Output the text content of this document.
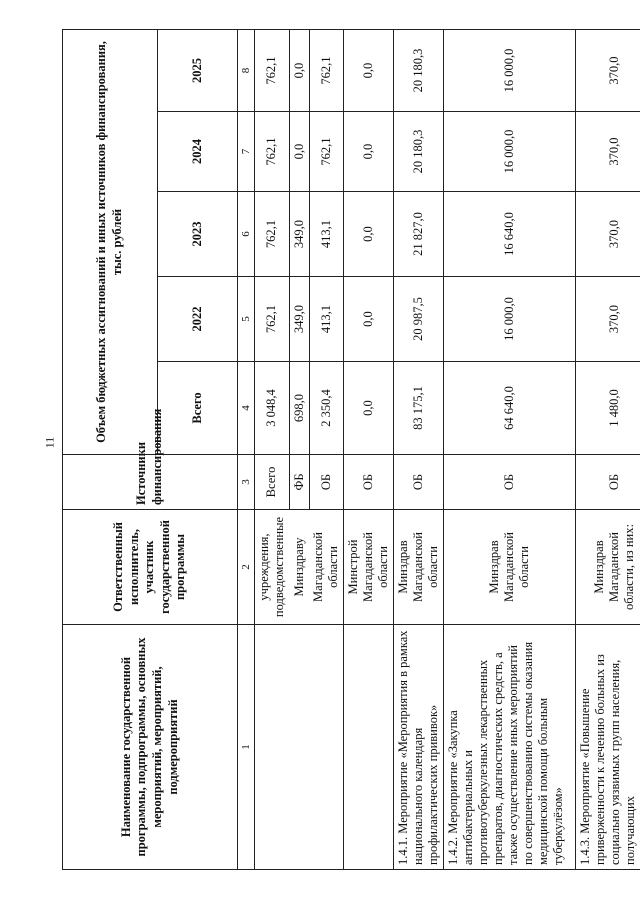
11
Наименование государственной программы, подпрограммы, основных мероприятий, мероприятий, подмероприятий	Ответственный исполнитель, участник государственной программы	Источники финансирования	Объем бюджетных ассигнований и иных источников финансирования, тыс. рублей				
			Всего	2022	2023	2024	2025
1	2	3	4	5	6	7	8
	учреждения, подведомственные	Всего	3 048,4	762,1	762,1	762,1	762,1
	Минздраву	ФБ	698,0	349,0	349,0	0,0	0,0
	Магаданской области	ОБ	2 350,4	413,1	413,1	762,1	762,1
	Минстрой Магаданской области	ОБ	0,0	0,0	0,0	0,0	0,0
1.4.1. Мероприятие «Мероприятия в рамках национального календаря профилактических прививок»	Минздрав Магаданской области	ОБ	83 175,1	20 987,5	21 827,0	20 180,3	20 180,3
1.4.2. Мероприятие «Закупка антибактериальных и противотуберкулезных лекарственных препаратов, диагностических средств, а также осуществление иных мероприятий по совершенствованию системы оказания медицинской помощи больным туберкулёзом»	Минздрав Магаданской области	ОБ	64 640,0	16 000,0	16 640,0	16 000,0	16 000,0
1.4.3. Мероприятие «Повышение приверженности к лечению больных из социально уязвимых групп населения, получающих	Минздрав Магаданской области, из них:	ОБ	1 480,0	370,0	370,0	370,0	370,0
